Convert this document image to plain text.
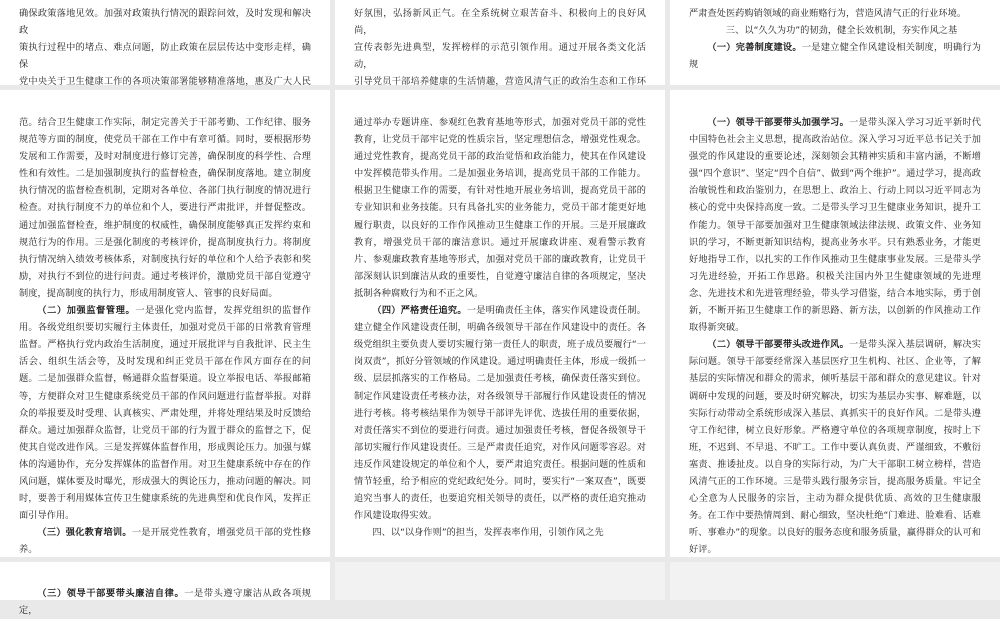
确保政策落地见效。加强对政策执行情况的跟踪问效，及时发现和解决政

策执行过程中的堵点、难点问题，防止政策在层层传达中变形走样，确保

党中央关于卫生健康工作的各项决策部署能够精准落地，惠及广大人民

好氛围，弘扬新风正气。在全系统树立艰苦奋斗、积极向上的良好风尚，

宣传表彰先进典型，发挥榜样的示范引领作用。通过开展各类文化活动，

引导党员干部培养健康的生活情趣，营造风清气正的政治生态和工作环

严肃查处医药购销领域的商业贿赂行为，营造风清气正的行业环境。

　　三、以“久久为功”的韧劲，健全长效机制，夯实作风之基

（一）完善制度建设。一是建立健全作风建设相关制度，明确行为规

范。结合卫生健康工作实际，制定完善关于干部考勤、工作纪律、服务规范等方面的制度，使党员干部在工作中有章可循。同时，要根据形势发展和工作需要，及时对制度进行修订完善，确保制度的科学性、合理性和有效性。二是加强制度执行的监督检查，确保制度落地。建立制度执行情况的监督检查机制，定期对各单位、各部门执行制度的情况进行检查。对执行制度不力的单位和个人，要进行严肃批评，并督促整改。通过加强监督检查，维护制度的权威性，确保制度能够真正发挥约束和规范行为的作用。三是强化制度的考核评价，提高制度执行力。将制度执行情况纳入绩效考核体系，对制度执行好的单位和个人给予表彰和奖励，对执行不到位的进行问责。通过考核评价，激励党员干部自觉遵守制度，提高制度的执行力，形成用制度管人、管事的良好局面。

（二）加强监督管理。一是强化党内监督，发挥党组织的监督作用。各级党组织要切实履行主体责任，加强对党员干部的日常教育管理监督。严格执行党内政治生活制度，通过开展批评与自我批评、民主生活会、组织生活会等，及时发现和纠正党员干部在作风方面存在的问题。二是加强群众监督，畅通群众监督渠道。设立举报电话、举报邮箱等，方便群众对卫生健康系统党员干部的作风问题进行监督举报。对群众的举报要及时受理、认真核实、严肃处理，并将处理结果及时反馈给群众。通过加强群众监督，让党员干部的行为置于群众的监督之下，促使其自觉改进作风。三是发挥媒体监督作用，形成舆论压力。加强与媒体的沟通协作，充分发挥媒体的监督作用。对卫生健康系统中存在的作风问题，媒体要及时曝光，形成强大的舆论压力，推动问题的解决。同时，要善于利用媒体宣传卫生健康系统的先进典型和优良作风，发挥正面引导作用。

（三）强化教育培训。一是开展党性教育，增强党员干部的党性修养。

通过举办专题讲座、参观红色教育基地等形式，加强对党员干部的党性教育，让党员干部牢记党的性质宗旨，坚定理想信念，增强党性观念。通过党性教育，提高党员干部的政治觉悟和政治能力，使其在作风建设中发挥模范带头作用。二是加强业务培训，提高党员干部的工作能力。根据卫生健康工作的需要，有针对性地开展业务培训，提高党员干部的专业知识和业务技能。只有具备扎实的业务能力，党员干部才能更好地履行职责，以良好的工作作风推动卫生健康工作的开展。三是开展廉政教育，增强党员干部的廉洁意识。通过开展廉政讲座、观看警示教育片、参观廉政教育基地等形式，加强对党员干部的廉政教育，让党员干部深刻认识到廉洁从政的重要性，自觉遵守廉洁自律的各项规定，坚决抵制各种腐败行为和不正之风。

（四）严格责任追究。一是明确责任主体，落实作风建设责任制。建立健全作风建设责任制，明确各级领导干部在作风建设中的责任。各级党组织主要负责人要切实履行第一责任人的职责，班子成员要履行“一岗双责”，抓好分管领域的作风建设。通过明确责任主体，形成一级抓一级、层层抓落实的工作格局。二是加强责任考核，确保责任落实到位。制定作风建设责任考核办法，对各级领导干部履行作风建设责任的情况进行考核。将考核结果作为领导干部评先评优、选拔任用的重要依据，对责任落实不到位的要进行问责。通过加强责任考核，督促各级领导干部切实履行作风建设责任。三是严肃责任追究，对作风问题零容忍。对违反作风建设规定的单位和个人，要严肃追究责任。根据问题的性质和情节轻重，给予相应的党纪政纪处分。同时，要实行“一案双查”，既要追究当事人的责任，也要追究相关领导的责任，以严格的责任追究推动作风建设取得实效。

四、以“以身作则”的担当，发挥表率作用，引领作风之先

（一）领导干部要带头加强学习。一是带头深入学习习近平新时代中国特色社会主义思想，提高政治站位。深入学习习近平总书记关于加强党的作风建设的重要论述，深刻领会其精神实质和丰富内涵，不断增强“四个意识”、坚定“四个自信”、做到“两个维护”。通过学习，提高政治敏锐性和政治鉴别力，在思想上、政治上、行动上同以习近平同志为核心的党中央保持高度一致。二是带头学习卫生健康业务知识，提升工作能力。领导干部要加强对卫生健康领域法律法规、政策文件、业务知识的学习，不断更新知识结构，提高业务水平。只有熟悉业务，才能更好地指导工作，以扎实的工作作风推动卫生健康事业发展。三是带头学习先进经验，开拓工作思路。积极关注国内外卫生健康领域的先进理念、先进技术和先进管理经验，带头学习借鉴，结合本地实际，勇于创新，不断开拓卫生健康工作的新思路、新方法，以创新的作风推动工作取得新突破。

（二）领导干部要带头改进作风。一是带头深入基层调研，解决实际问题。领导干部要经常深入基层医疗卫生机构、社区、企业等，了解基层的实际情况和群众的需求，倾听基层干部和群众的意见建议。针对调研中发现的问题，要及时研究解决，切实为基层办实事、解难题，以实际行动带动全系统形成深入基层、真抓实干的良好作风。二是带头遵守工作纪律，树立良好形象。严格遵守单位的各项规章制度，按时上下班，不迟到、不早退、不旷工。工作中要认真负责、严谨细致，不敷衍塞责、推诿扯皮。以自身的实际行动，为广大干部职工树立榜样，营造风清气正的工作环境。三是带头践行服务宗旨，提高服务质量。牢记全心全意为人民服务的宗旨，主动为群众提供优质、高效的卫生健康服务。在工作中要热情周到、耐心细致，坚决杜绝“门难进、脸难看、话难听、事难办”的现象。以良好的服务态度和服务质量，赢得群众的认可和好评。

（三）领导干部要带头廉洁自律。一是带头遵守廉洁从政各项规定，
